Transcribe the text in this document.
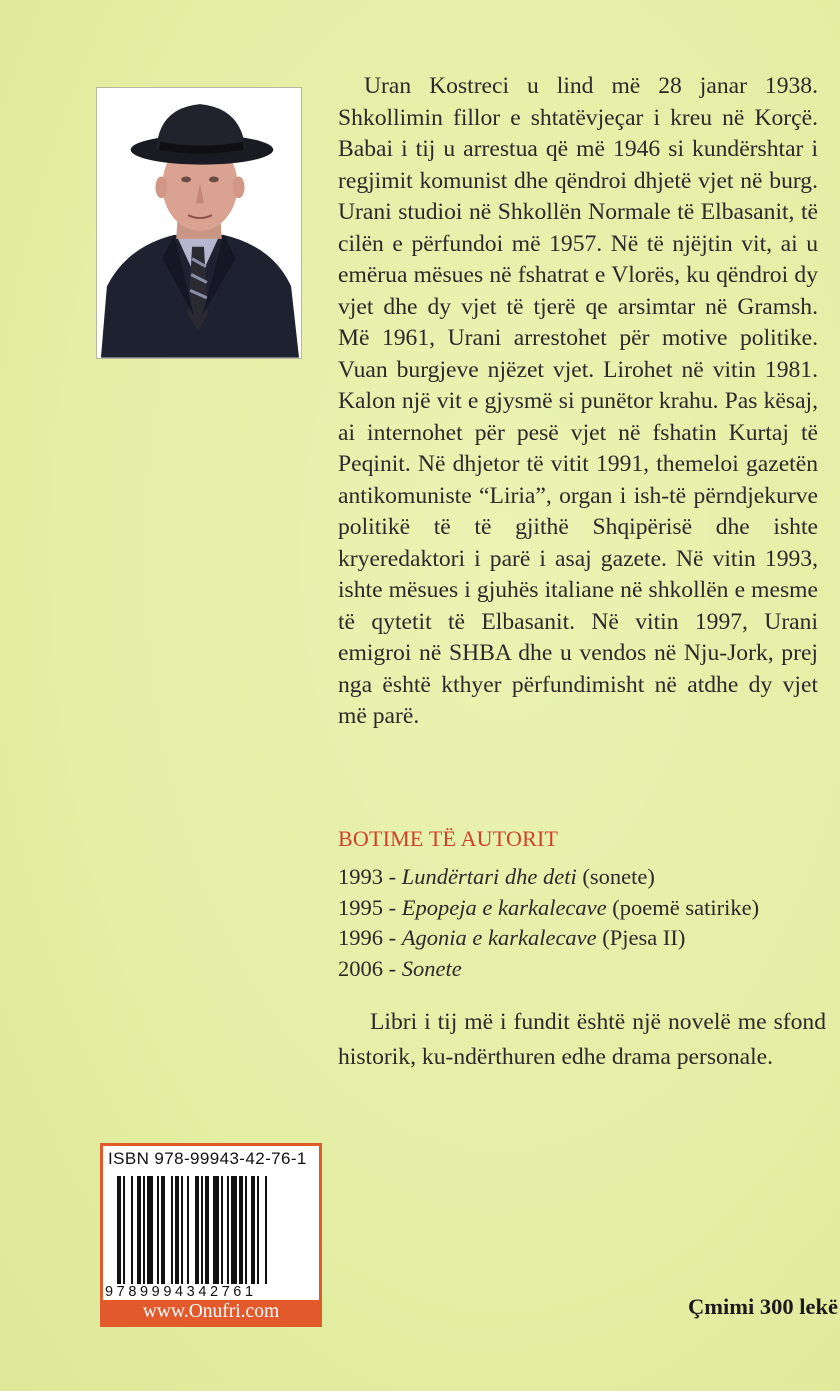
Uran Kostreci u lind më 28 janar 1938. Shkollimin fillor e shtatëvjeçar i kreu në Korçë. Babai i tij u arrestua që më 1946 si kundërshtar i regjimit komunist dhe qëndroi dhjetë vjet në burg. Urani studioi në Shkollën Normale të Elbasanit, të cilën e përfundoi më 1957. Në të njëjtin vit, ai u emërua mësues në fshatrat e Vlorës, ku qëndroi dy vjet dhe dy vjet të tjerë qe arsimtar në Gramsh. Më 1961, Urani arrestohet për motive politike. Vuan burgjeve njëzet vjet. Lirohet në vitin 1981. Kalon një vit e gjysmë si punëtor krahu. Pas kësaj, ai internohet për pesë vjet në fshatin Kurtaj të Peqinit. Në dhjetor të vitit 1991, themeloi gazetën antikomuniste “Liria”, organ i ish-të përndjekurve politikë të të gjithë Shqipërisë dhe ishte kryeredaktori i parë i asaj gazete. Në vitin 1993, ishte mësues i gjuhës italiane në shkollën e mesme të qytetit të Elbasanit. Në vitin 1997, Urani emigroi në SHBA dhe u vendos në Nju-Jork, prej nga është kthyer përfundimisht në atdhe dy vjet më parë.

BOTIME TË AUTORIT
1993 - Lundërtari dhe deti (sonete)
1995 - Epopeja e karkalecave (poemë satirike)
1996 - Agonia e karkalecave (Pjesa II)
2006 - Sonete

Libri i tij më i fundit është një novelë me sfond historik, ku-ndërthuren edhe drama personale.

ISBN 978-99943-42-76-1
9789994342761
www.Onufri.com	Çmimi 300 lekë
